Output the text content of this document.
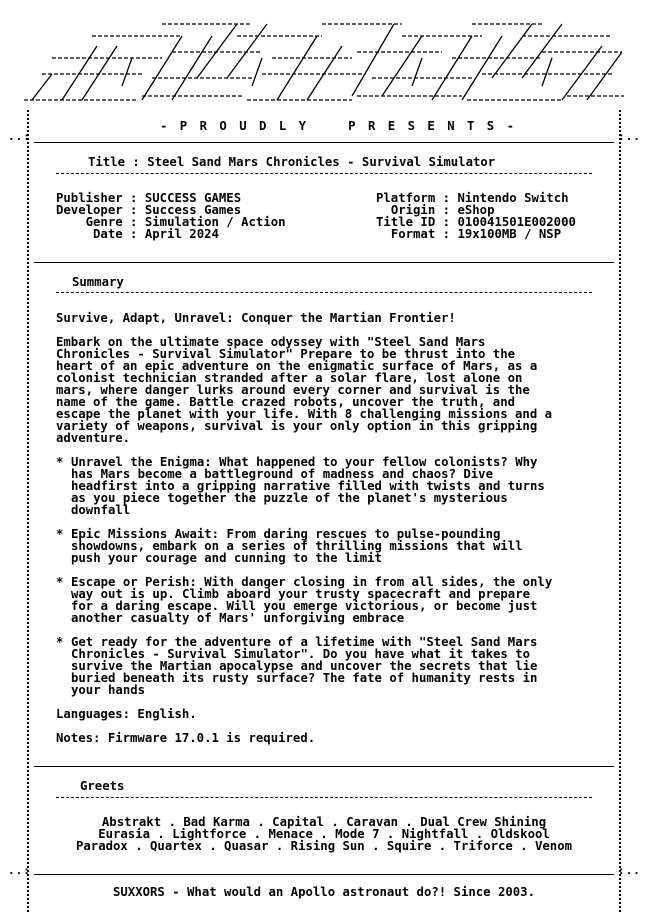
..:	:..
..:	:..
- P R O U D L Y    P R E S E N T S -
Title : Steel Sand Mars Chronicles - Survival Simulator
Publisher : SUCCESS GAMES
Developer : Success Games
Genre : Simulation / Action
Date : April 2024
Platform : Nintendo Switch
Origin : eShop
Title ID : 010041501E002000
Format : 19x100MB / NSP
Summary
Survive, Adapt, Unravel: Conquer the Martian Frontier!
Embark on the ultimate space odyssey with "Steel Sand Mars
Chronicles - Survival Simulator" Prepare to be thrust into the
heart of an epic adventure on the enigmatic surface of Mars, as a
colonist technician stranded after a solar flare, lost alone on
mars, where danger lurks around every corner and survival is the
name of the game. Battle crazed robots, uncover the truth, and
escape the planet with your life. With 8 challenging missions and a
variety of weapons, survival is your only option in this gripping
adventure.
* Unravel the Enigma: What happened to your fellow colonists? Why
has Mars become a battleground of madness and chaos? Dive
headfirst into a gripping narrative filled with twists and turns
as you piece together the puzzle of the planet's mysterious
downfall
* Epic Missions Await: From daring rescues to pulse-pounding
showdowns, embark on a series of thrilling missions that will
push your courage and cunning to the limit
* Escape or Perish: With danger closing in from all sides, the only
way out is up. Climb aboard your trusty spacecraft and prepare
for a daring escape. Will you emerge victorious, or become just
another casualty of Mars' unforgiving embrace
* Get ready for the adventure of a lifetime with "Steel Sand Mars
Chronicles - Survival Simulator". Do you have what it takes to
survive the Martian apocalypse and uncover the secrets that lie
buried beneath its rusty surface? The fate of humanity rests in
your hands
Languages: English.
Notes: Firmware 17.0.1 is required.
Greets
Abstrakt . Bad Karma . Capital . Caravan . Dual Crew Shining
Eurasia . Lightforce . Menace . Mode 7 . Nightfall . Oldskool
Paradox . Quartex . Quasar . Rising Sun . Squire . Triforce . Venom
SUXXORS - What would an Apollo astronaut do?! Since 2003.
